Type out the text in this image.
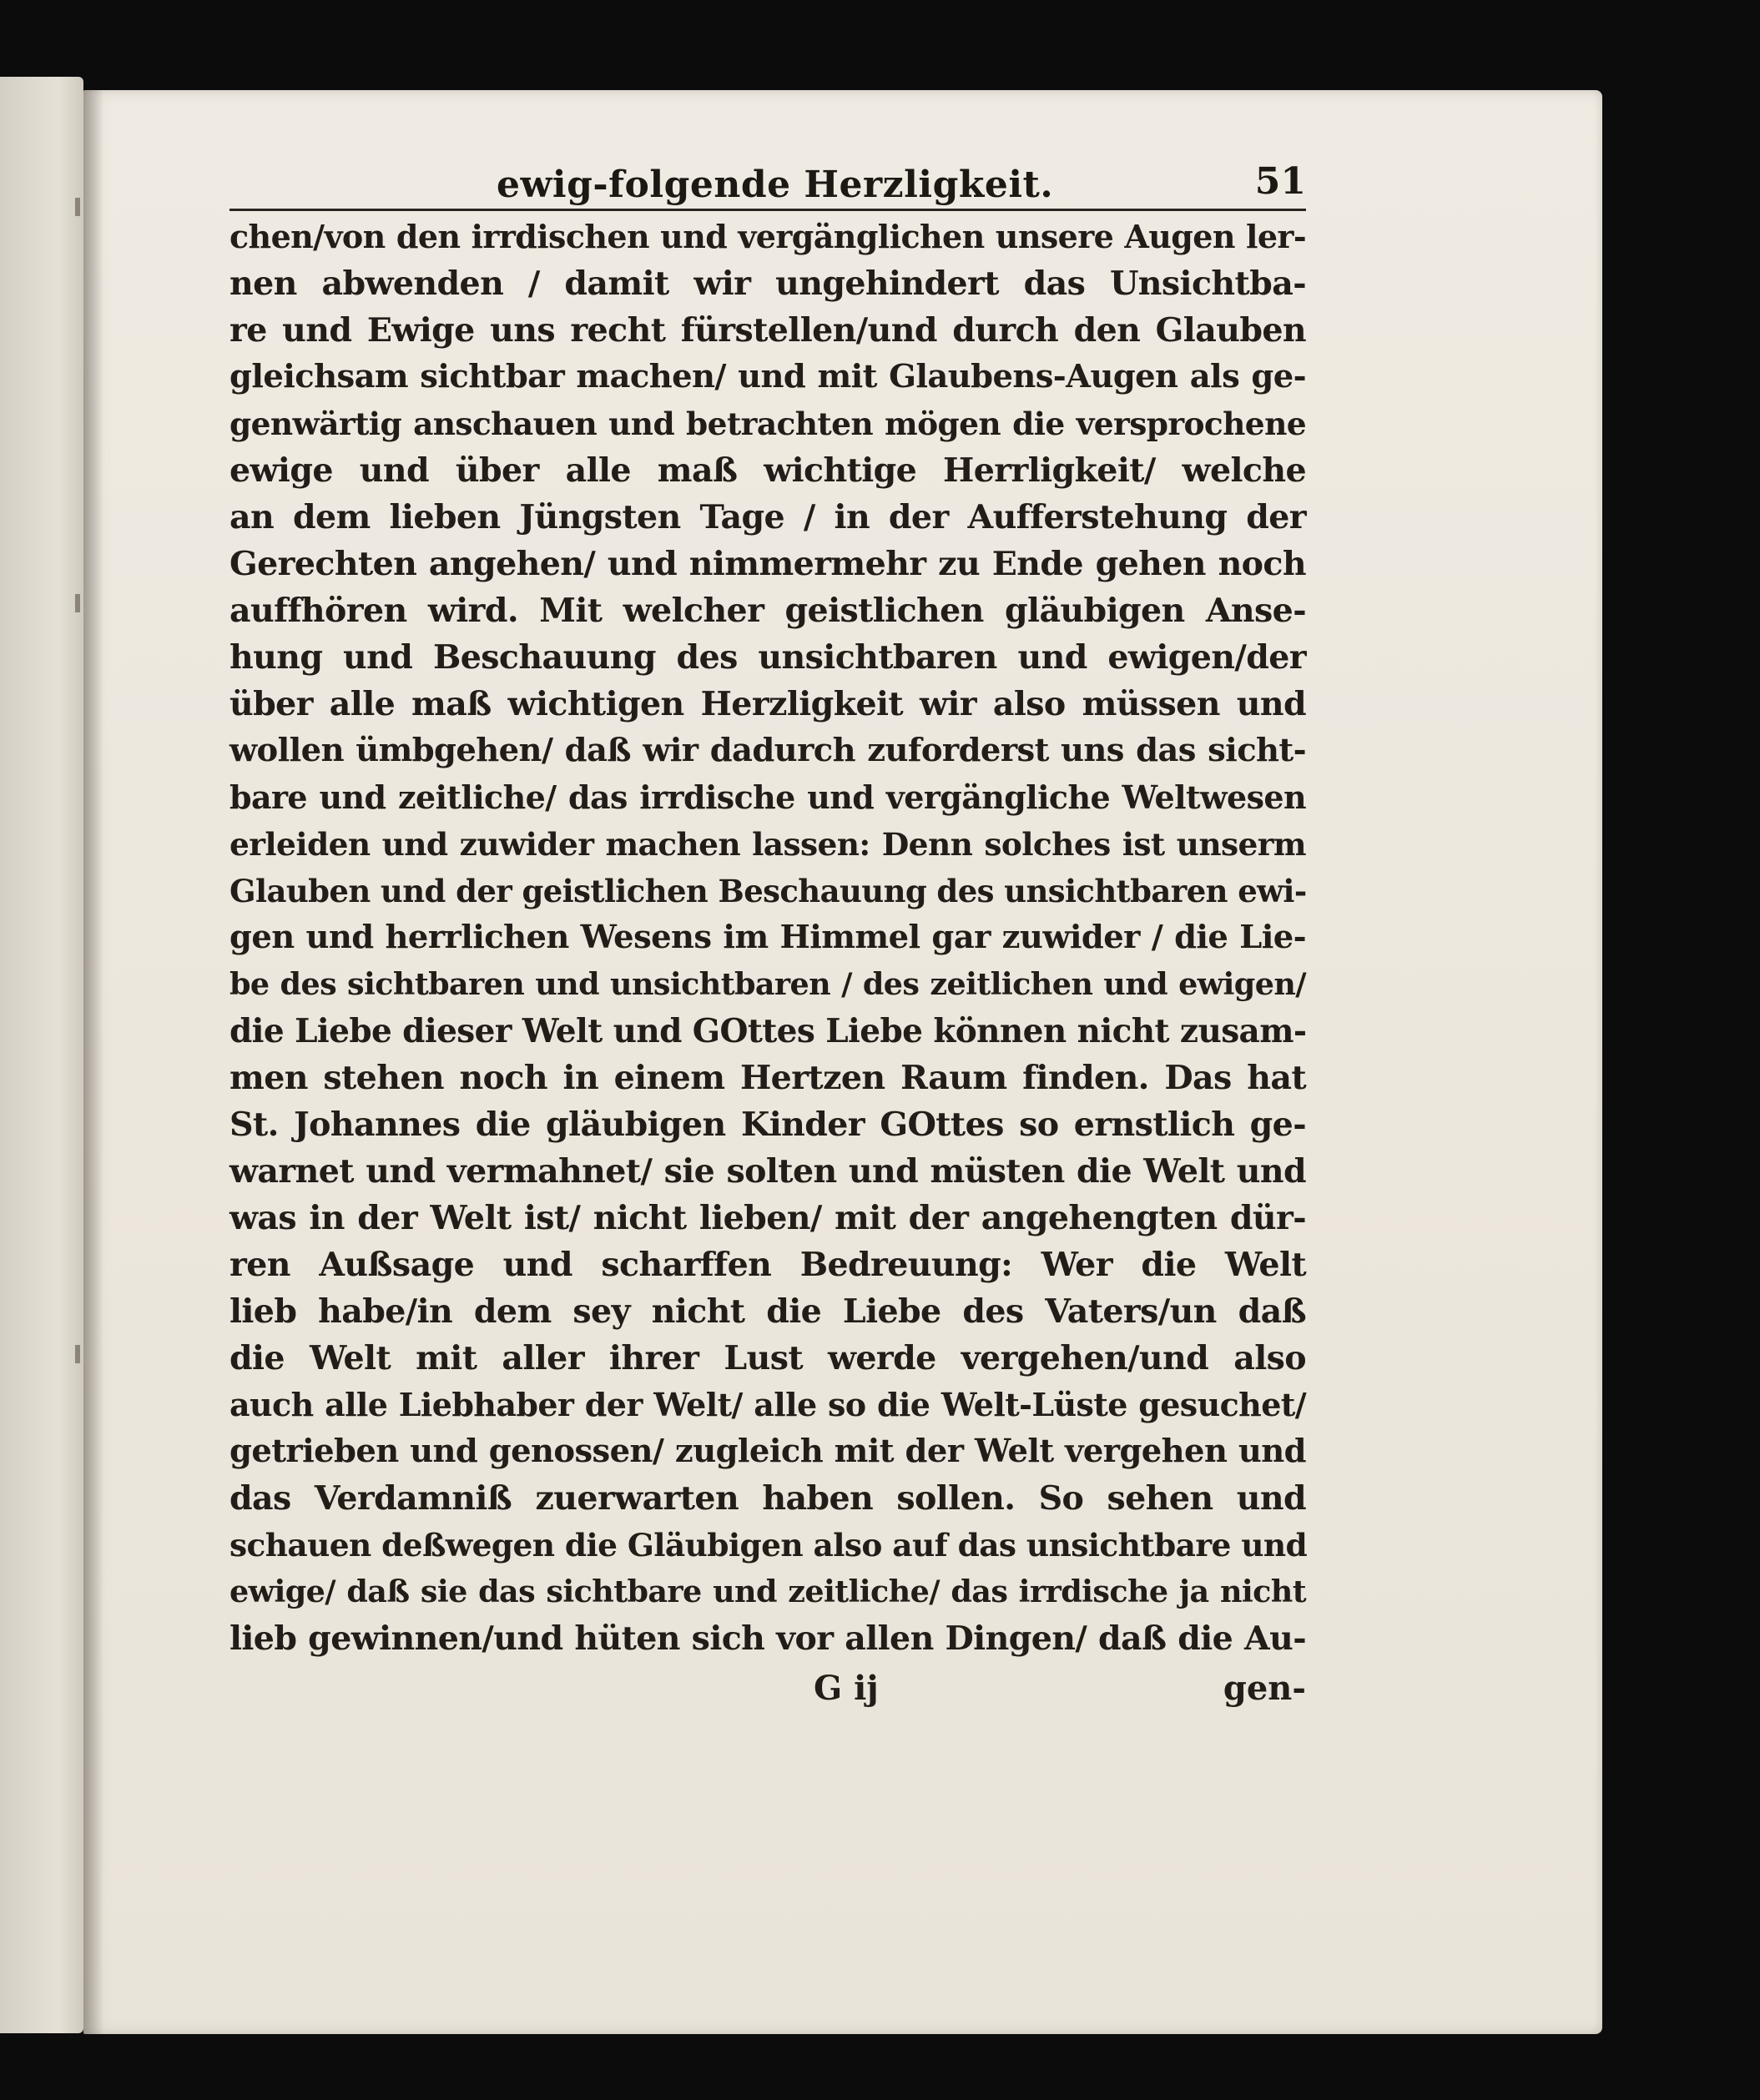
ewig-folgende Herzligkeit.	51
chen/von den irrdischen und vergänglichen unsere Augen ler-
nen abwenden / damit wir ungehindert das Unsichtba-
re und Ewige uns recht fürstellen/und durch den Glauben
gleichsam sichtbar machen/ und mit Glaubens-Augen als ge-
genwärtig anschauen und betrachten mögen die versprochene
ewige und über alle maß wichtige Herrligkeit/ welche
an dem lieben Jüngsten Tage / in der Aufferstehung der
Gerechten angehen/ und nimmermehr zu Ende gehen noch
auffhören wird. Mit welcher geistlichen gläubigen Anse-
hung und Beschauung des unsichtbaren und ewigen/der
über alle maß wichtigen Herzligkeit wir also müssen und
wollen ümbgehen/ daß wir dadurch zuforderst uns das sicht-
bare und zeitliche/ das irrdische und vergängliche Weltwesen
erleiden und zuwider machen lassen: Denn solches ist unserm
Glauben und der geistlichen Beschauung des unsichtbaren ewi-
gen und herrlichen Wesens im Himmel gar zuwider / die Lie-
be des sichtbaren und unsichtbaren / des zeitlichen und ewigen/
die Liebe dieser Welt und GOttes Liebe können nicht zusam-
men stehen noch in einem Hertzen Raum finden. Das hat
St. Johannes die gläubigen Kinder GOttes so ernstlich ge-
warnet und vermahnet/ sie solten und müsten die Welt und
was in der Welt ist/ nicht lieben/ mit der angehengten dür-
ren Außsage und scharffen Bedreuung: Wer die Welt
lieb habe/in dem sey nicht die Liebe des Vaters/un daß
die Welt mit aller ihrer Lust werde vergehen/und also
auch alle Liebhaber der Welt/ alle so die Welt-Lüste gesuchet/
getrieben und genossen/ zugleich mit der Welt vergehen und
das Verdamniß zuerwarten haben sollen. So sehen und
schauen deßwegen die Gläubigen also auf das unsichtbare und
ewige/ daß sie das sichtbare und zeitliche/ das irrdische ja nicht
lieb gewinnen/und hüten sich vor allen Dingen/ daß die Au-
G ij	gen-
